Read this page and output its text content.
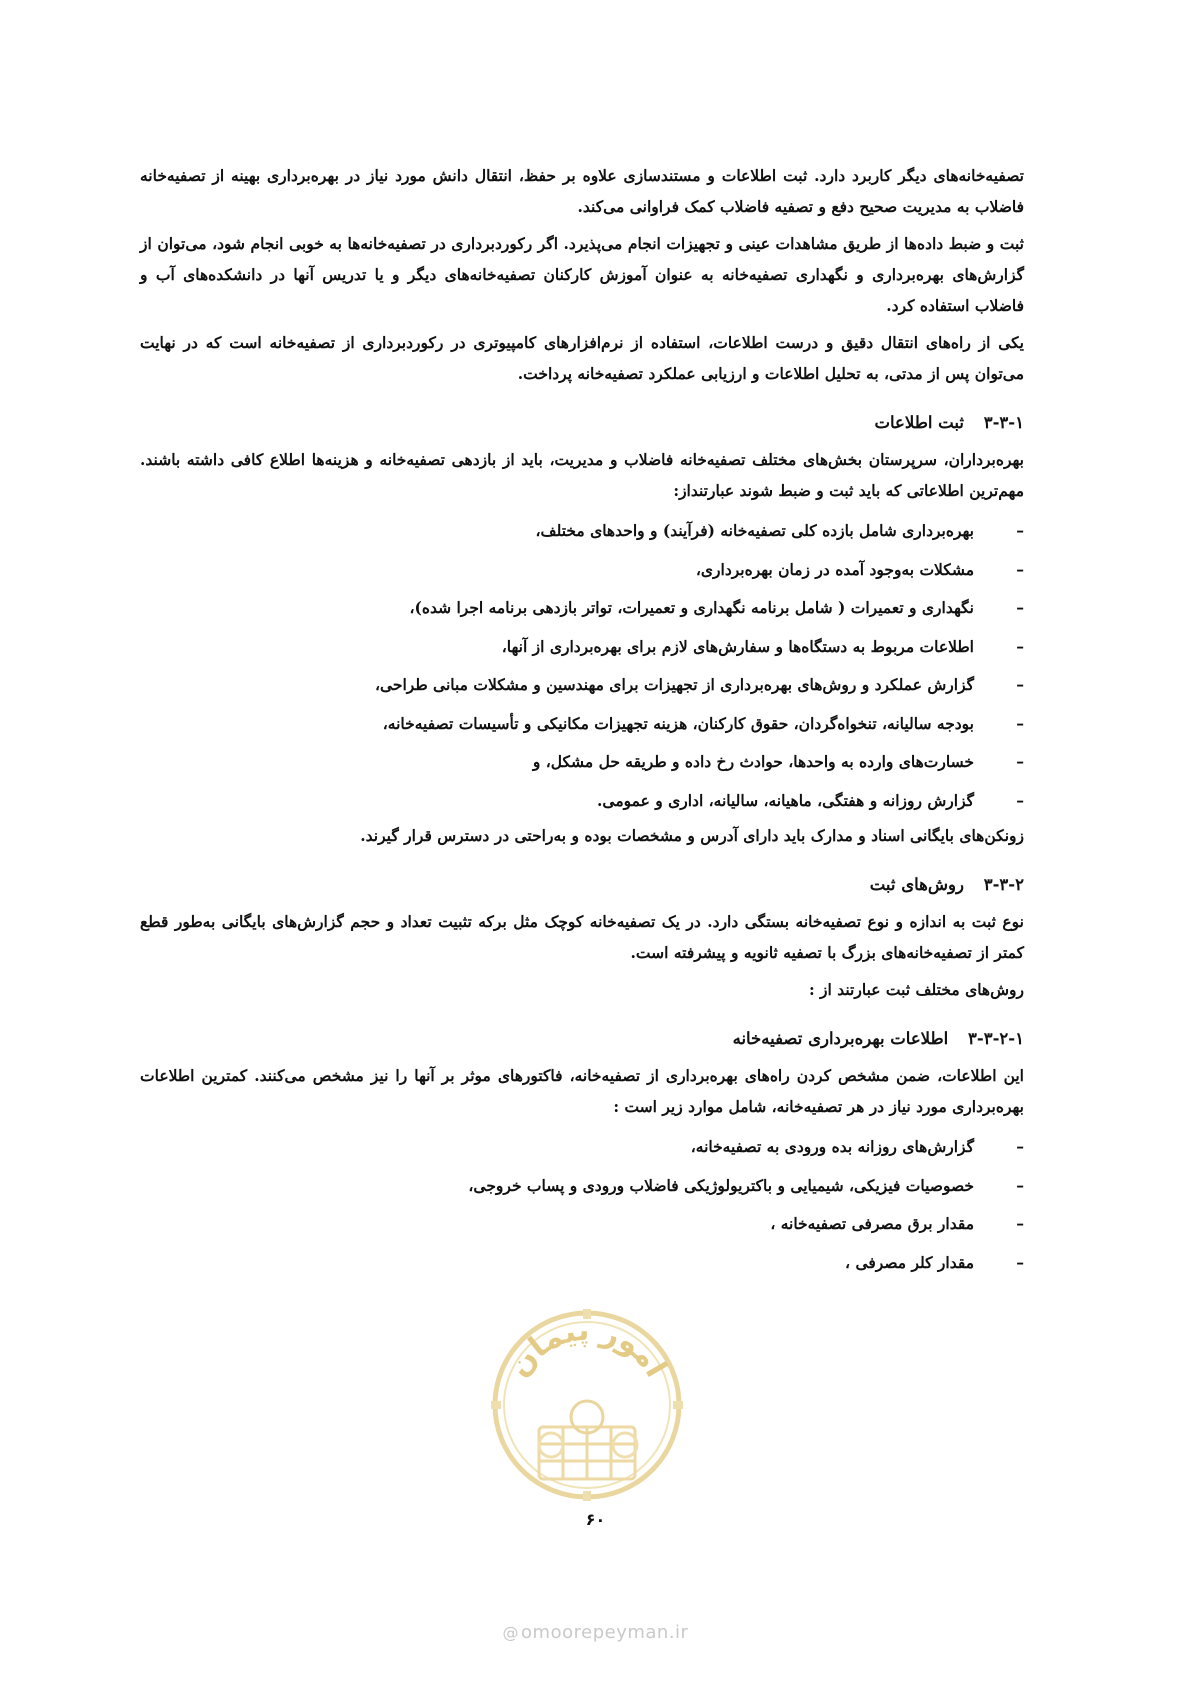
تصفیه‌خانه‌های دیگر کاربرد دارد. ثبت اطلاعات و مستندسازی علاوه بر حفظ، انتقال دانش مورد نیاز در بهره‌برداری بهینه از تصفیه‌خانه فاضلاب به مدیریت صحیح دفع و تصفیه فاضلاب کمک فراوانی می‌کند.

ثبت و ضبط داده‌ها از طریق مشاهدات عینی و تجهیزات انجام می‌پذیرد. اگر رکوردبرداری در تصفیه‌خانه‌ها به خوبی انجام شود، می‌توان از گزارش‌های بهره‌برداری و نگهداری تصفیه‌خانه به عنوان آموزش کارکنان تصفیه‌خانه‌های دیگر و یا تدریس آنها در دانشکده‌های آب و فاضلاب استفاده کرد.

یکی از راه‌های انتقال دقیق و درست اطلاعات، استفاده از نرم‌افزارهای کامپیوتری در رکوردبرداری از تصفیه‌خانه است که در نهایت می‌توان پس از مدتی، به تحلیل اطلاعات و ارزیابی عملکرد تصفیه‌خانه پرداخت.

۳-۳-۱ ثبت اطلاعات

بهره‌برداران، سرپرستان بخش‌های مختلف تصفیه‌خانه فاضلاب و مدیریت، باید از بازدهی تصفیه‌خانه و هزینه‌ها اطلاع کافی داشته باشند. مهم‌ترین اطلاعاتی که باید ثبت و ضبط شوند عبارتنداز:

– بهره‌برداری شامل بازده کلی تصفیه‌خانه (فرآیند) و واحدهای مختلف،
– مشکلات به‌وجود آمده در زمان بهره‌برداری،
– نگهداری و تعمیرات ( شامل برنامه نگهداری و تعمیرات، تواتر بازدهی برنامه اجرا شده)،
– اطلاعات مربوط به دستگاه‌ها و سفارش‌های لازم برای بهره‌برداری از آنها،
– گزارش عملکرد و روش‌های بهره‌برداری از تجهیزات برای مهندسین و مشکلات مبانی طراحی،
– بودجه سالیانه، تنخواه‌گردان، حقوق کارکنان، هزینه تجهیزات مکانیکی و تأسیسات تصفیه‌خانه،
– خسارت‌های وارده به واحدها، حوادث رخ داده و طریقه حل مشکل، و
– گزارش روزانه و هفتگی، ماهیانه، سالیانه، اداری و عمومی.

زونکن‌های بایگانی اسناد و مدارک باید دارای آدرس و مشخصات بوده و به‌راحتی در دسترس قرار گیرند.

۳-۳-۲ روش‌های ثبت

نوع ثبت به اندازه و نوع تصفیه‌خانه بستگی دارد. در یک تصفیه‌خانه کوچک مثل برکه تثبیت تعداد و حجم گزارش‌های بایگانی به‌طور قطع کمتر از تصفیه‌خانه‌های بزرگ با تصفیه ثانویه و پیشرفته است.

روش‌های مختلف ثبت عبارتند از :

۳-۳-۲-۱ اطلاعات بهره‌برداری تصفیه‌خانه

این اطلاعات، ضمن مشخص کردن راه‌های بهره‌برداری از تصفیه‌خانه، فاکتورهای موثر بر آنها را نیز مشخص می‌کنند. کمترین اطلاعات بهره‌برداری مورد نیاز در هر تصفیه‌خانه، شامل موارد زیر است :

– گزارش‌های روزانه بده ورودی به تصفیه‌خانه،
– خصوصیات فیزیکی، شیمیایی و باکتریولوژیکی فاضلاب ورودی و پساب خروجی،
– مقدار برق مصرفی تصفیه‌خانه ،
– مقدار کلر مصرفی ،
امور پیمان
۶۰
@ omoorepeyman.ir
